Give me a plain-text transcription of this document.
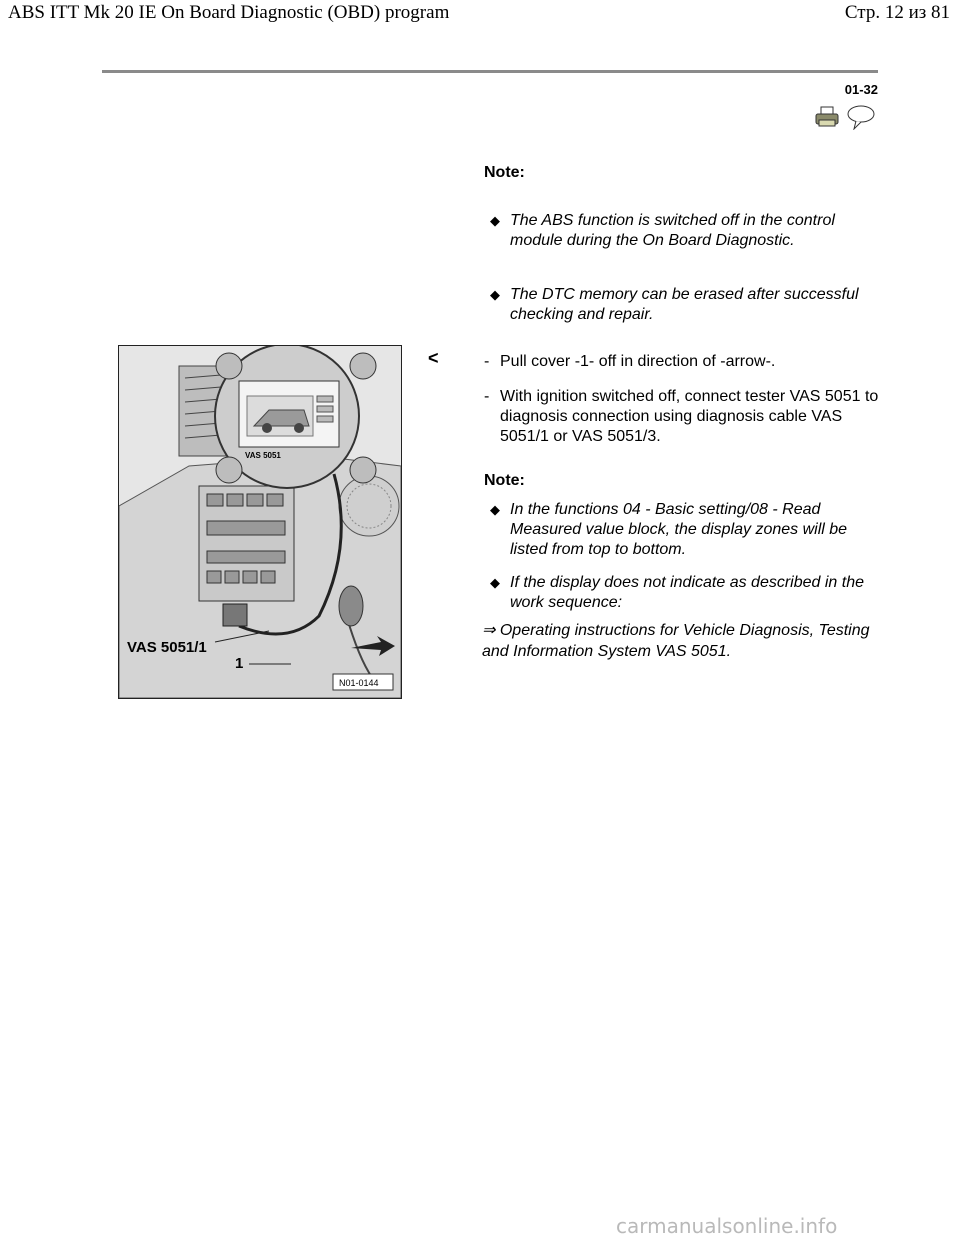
ABS ITT Mk 20 IE On Board Diagnostic (OBD) program	Стр. 12 из 81
01-32
Note:
◆ The ABS function is switched off in the control module during the On Board Diagnostic.
◆ The DTC memory can be erased after successful checking and repair.
<	- Pull cover -1- off in direction of -arrow-.
- With ignition switched off, connect tester VAS 5051 to diagnosis connection using diagnosis cable VAS 5051/1 or VAS 5051/3.
Note:
◆ In the functions 04 - Basic setting/08 - Read Measured value block, the display zones will be listed from top to bottom.
◆ If the display does not indicate as described in the work sequence:
⇒ Operating instructions for Vehicle Diagnosis, Testing and Information System VAS 5051.
VAS 5051
VAS 5051/1
1
N01-0144
carmanualsonline.info
